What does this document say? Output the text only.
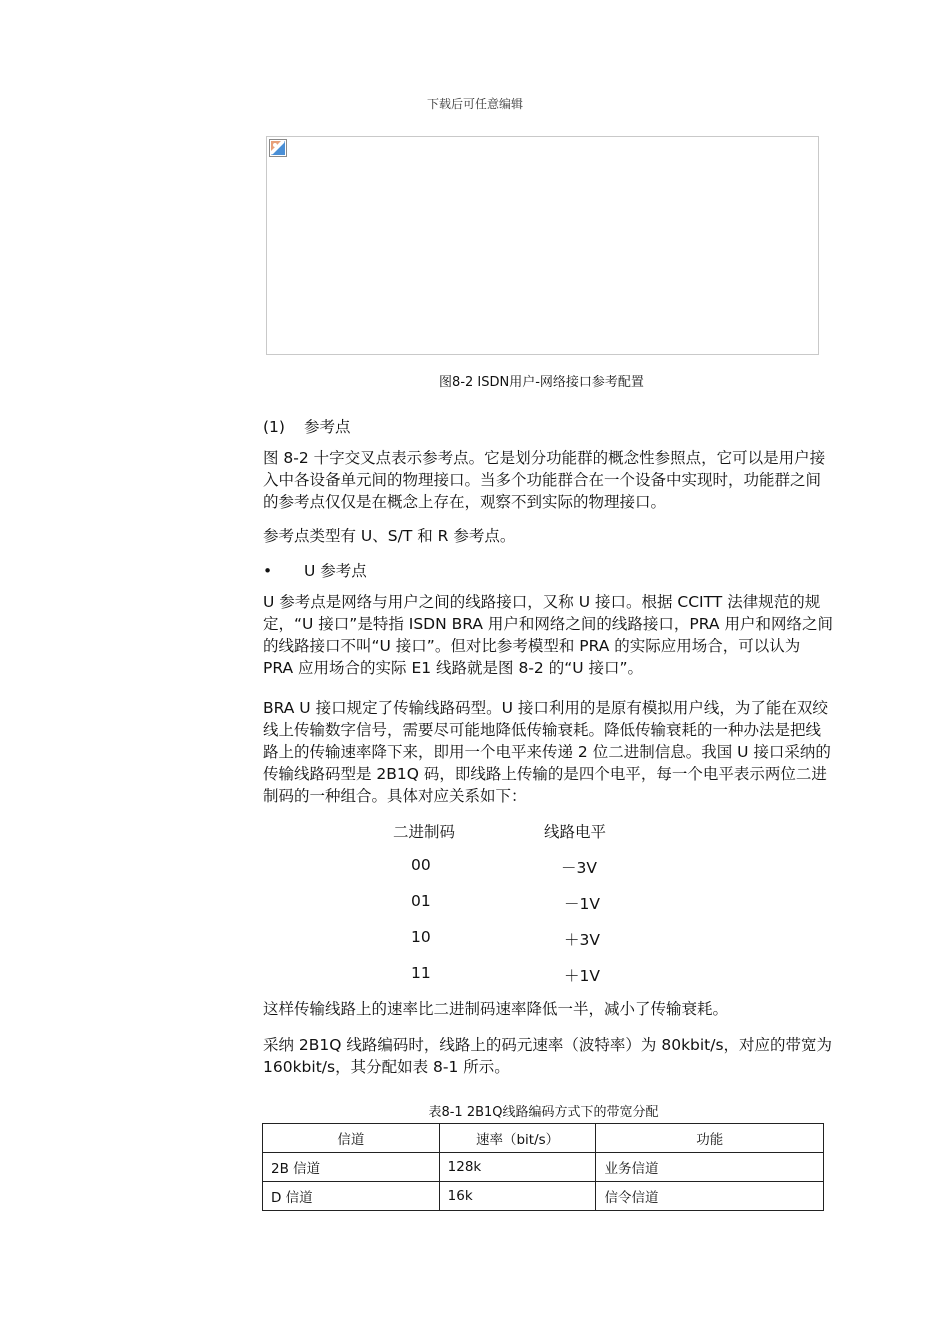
下载后可任意编辑
图8-2 ISDN用户-网络接口参考配置
(1) 参考点

图 8-2 十字交叉点表示参考点。它是划分功能群的概念性参照点，它可以是用户接入中各设备单元间的物理接口。当多个功能群合在一个设备中实现时，功能群之间的参考点仅仅是在概念上存在，观察不到实际的物理接口。

参考点类型有 U、S/T 和 R 参考点。

• U 参考点

U 参考点是网络与用户之间的线路接口，又称 U 接口。根据 CCITT 法律规范的规定，“U 接口”是特指 ISDN BRA 用户和网络之间的线路接口，PRA 用户和网络之间的线路接口不叫“U 接口”。但对比参考模型和 PRA 的实际应用场合，可以认为 PRA 应用场合的实际 E1 线路就是图 8-2 的“U 接口”。

BRA U 接口规定了传输线路码型。U 接口利用的是原有模拟用户线，为了能在双绞线上传输数字信号，需要尽可能地降低传输衰耗。降低传输衰耗的一种办法是把线路上的传输速率降下来，即用一个电平来传递 2 位二进制信息。我国 U 接口采纳的传输线路码型是 2B1Q 码，即线路上传输的是四个电平，每一个电平表示两位二进制码的一种组合。具体对应关系如下：

二进制码	线路电平
00	－3V
01	－1V
10	＋3V
11	＋1V

这样传输线路上的速率比二进制码速率降低一半，减小了传输衰耗。

采纳 2B1Q 线路编码时，线路上的码元速率（波特率）为 80kbit/s，对应的带宽为 160kbit/s，其分配如表 8-1 所示。

表8-1 2B1Q线路编码方式下的带宽分配
信道	速率（bit/s）	功能
2B 信道	128k	业务信道
D 信道	16k	信令信道
